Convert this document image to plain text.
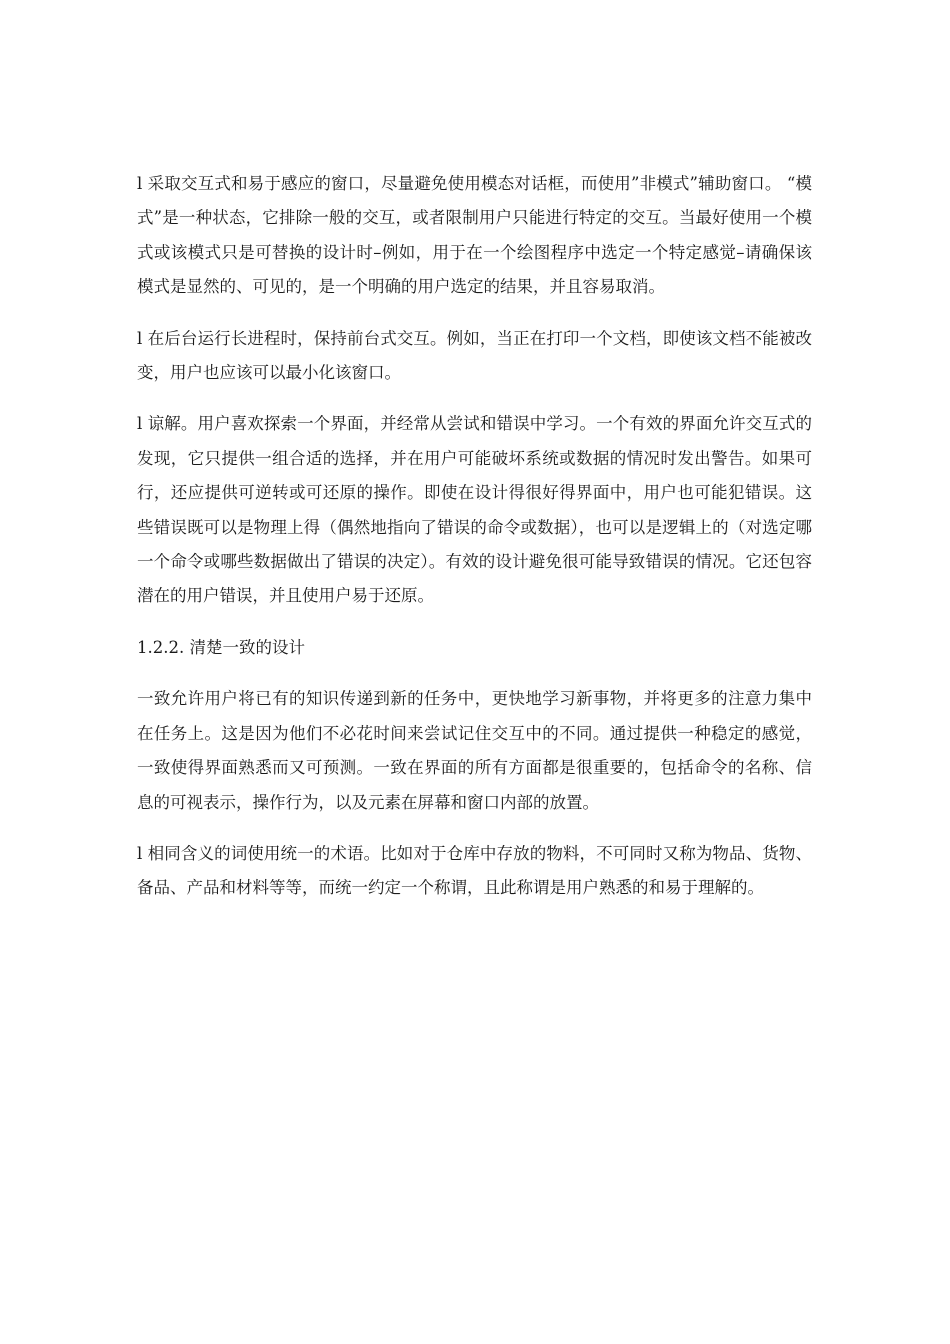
l 采取交互式和易于感应的窗口，尽量避免使用模态对话框，而使用”非模式”辅助窗口。 “模式”是一种状态，它排除一般的交互，或者限制用户只能进行特定的交互。当最好使用一个模式或该模式只是可替换的设计时–例如，用于在一个绘图程序中选定一个特定感觉–请确保该模式是显然的、可见的，是一个明确的用户选定的结果，并且容易取消。

l 在后台运行长进程时，保持前台式交互。例如，当正在打印一个文档，即使该文档不能被改变，用户也应该可以最小化该窗口。

l 谅解。用户喜欢探索一个界面，并经常从尝试和错误中学习。一个有效的界面允许交互式的发现，它只提供一组合适的选择，并在用户可能破坏系统或数据的情况时发出警告。如果可行，还应提供可逆转或可还原的操作。即使在设计得很好得界面中，用户也可能犯错误。这些错误既可以是物理上得（偶然地指向了错误的命令或数据），也可以是逻辑上的（对选定哪一个命令或哪些数据做出了错误的决定）。有效的设计避免很可能导致错误的情况。它还包容潜在的用户错误，并且使用户易于还原。

1.2.2. 清楚一致的设计

一致允许用户将已有的知识传递到新的任务中，更快地学习新事物，并将更多的注意力集中在任务上。这是因为他们不必花时间来尝试记住交互中的不同。通过提供一种稳定的感觉，一致使得界面熟悉而又可预测。一致在界面的所有方面都是很重要的，包括命令的名称、信息的可视表示，操作行为，以及元素在屏幕和窗口内部的放置。

l 相同含义的词使用统一的术语。比如对于仓库中存放的物料，不可同时又称为物品、货物、备品、产品和材料等等，而统一约定一个称谓，且此称谓是用户熟悉的和易于理解的。
